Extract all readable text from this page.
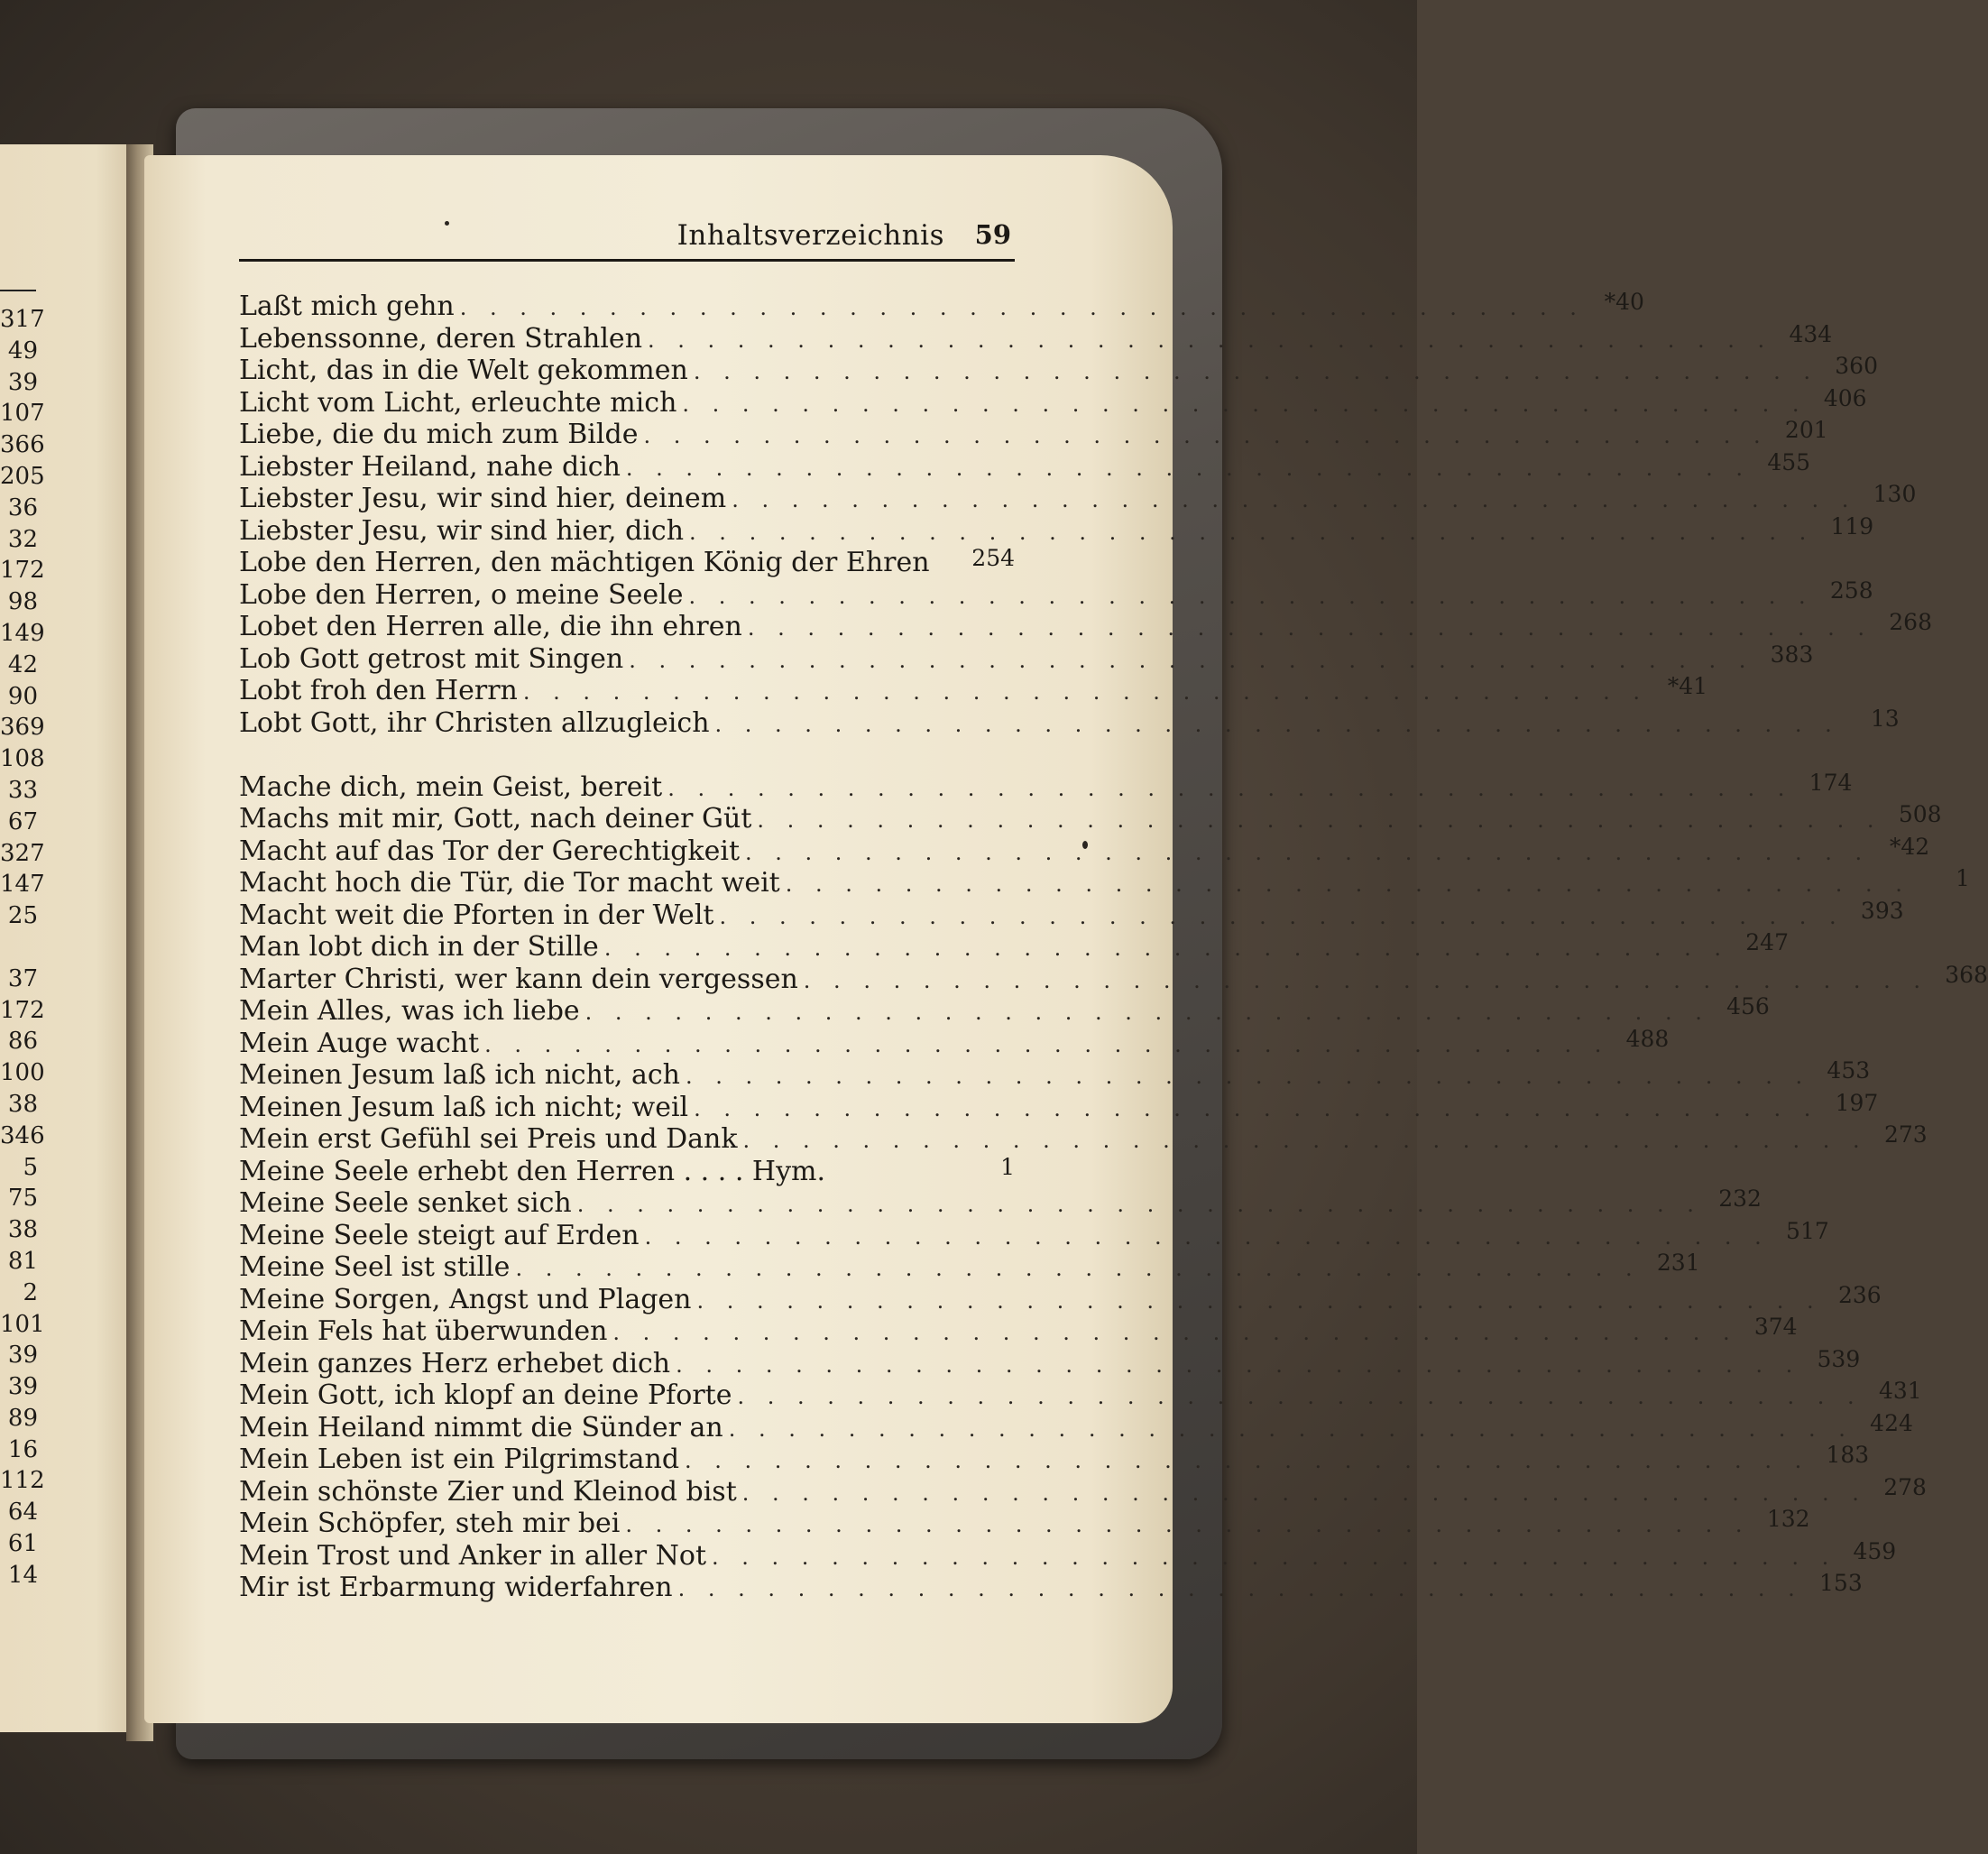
317
49
39
107
366
205
36
32
172
98
149
42
90
369
108
33
67
327
147
25
37
172
86
100
38
346
5
75
38
81
2
101
39
39
89
16
112
64
61
14
Inhaltsverzeichnis 59
Laßt mich gehn . . .	*40
Lebenssonne, deren Strahlen . . .	434
Licht, das in die Welt gekommen . . .	360
Licht vom Licht, erleuchte mich . . .	406
Liebe, die du mich zum Bilde . . .	201
Liebster Heiland, nahe dich . . .	455
Liebster Jesu, wir sind hier, deinem . . .	130
Liebster Jesu, wir sind hier, dich . . .	119
Lobe den Herren, den mächtigen König der Ehren	254
Lobe den Herren, o meine Seele . . .	258
Lobet den Herren alle, die ihn ehren . . .	268
Lob Gott getrost mit Singen . . .	383
Lobt froh den Herrn . . .	*41
Lobt Gott, ihr Christen allzugleich . . .	13
Mache dich, mein Geist, bereit . . .	174
Machs mit mir, Gott, nach deiner Güt . . .	508
Macht auf das Tor der Gerechtigkeit . . .	*42
Macht hoch die Tür, die Tor macht weit . . .	1
Macht weit die Pforten in der Welt . . .	393
Man lobt dich in der Stille . . .	247
Marter Christi, wer kann dein vergessen . . .	368
Mein Alles, was ich liebe . . .	456
Mein Auge wacht . . .	488
Meinen Jesum laß ich nicht, ach . . .	453
Meinen Jesum laß ich nicht; weil . . .	197
Mein erst Gefühl sei Preis und Dank . . .	273
Meine Seele erhebt den Herren . . . . Hym.	1
Meine Seele senket sich . . .	232
Meine Seele steigt auf Erden . . .	517
Meine Seel ist stille . . .	231
Meine Sorgen, Angst und Plagen . . .	236
Mein Fels hat überwunden . . .	374
Mein ganzes Herz erhebet dich . . .	539
Mein Gott, ich klopf an deine Pforte . . .	431
Mein Heiland nimmt die Sünder an . . .	424
Mein Leben ist ein Pilgrimstand . . .	183
Mein schönste Zier und Kleinod bist . . .	278
Mein Schöpfer, steh mir bei . . .	132
Mein Trost und Anker in aller Not . . .	459
Mir ist Erbarmung widerfahren . . .	153
